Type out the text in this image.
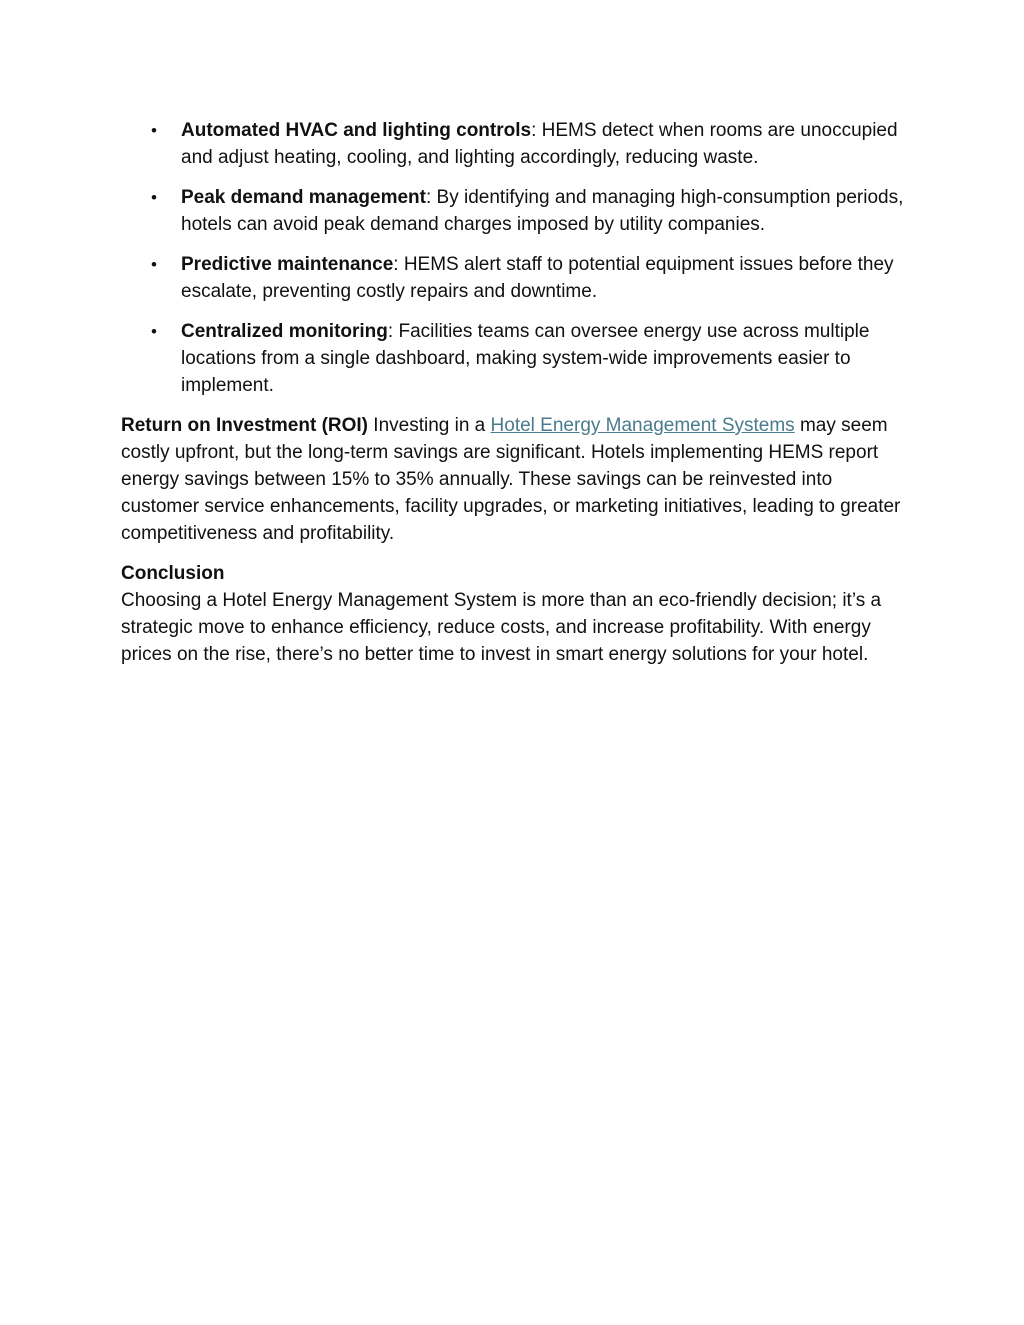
• Automated HVAC and lighting controls: HEMS detect when rooms are unoccupied and adjust heating, cooling, and lighting accordingly, reducing waste.
• Peak demand management: By identifying and managing high-consumption periods, hotels can avoid peak demand charges imposed by utility companies.
• Predictive maintenance: HEMS alert staff to potential equipment issues before they escalate, preventing costly repairs and downtime.
• Centralized monitoring: Facilities teams can oversee energy use across multiple locations from a single dashboard, making system-wide improvements easier to implement.

Return on Investment (ROI) Investing in a Hotel Energy Management Systems may seem costly upfront, but the long-term savings are significant. Hotels implementing HEMS report energy savings between 15% to 35% annually. These savings can be reinvested into customer service enhancements, facility upgrades, or marketing initiatives, leading to greater competitiveness and profitability.

Conclusion
Choosing a Hotel Energy Management System is more than an eco-friendly decision; it’s a strategic move to enhance efficiency, reduce costs, and increase profitability. With energy prices on the rise, there’s no better time to invest in smart energy solutions for your hotel.
